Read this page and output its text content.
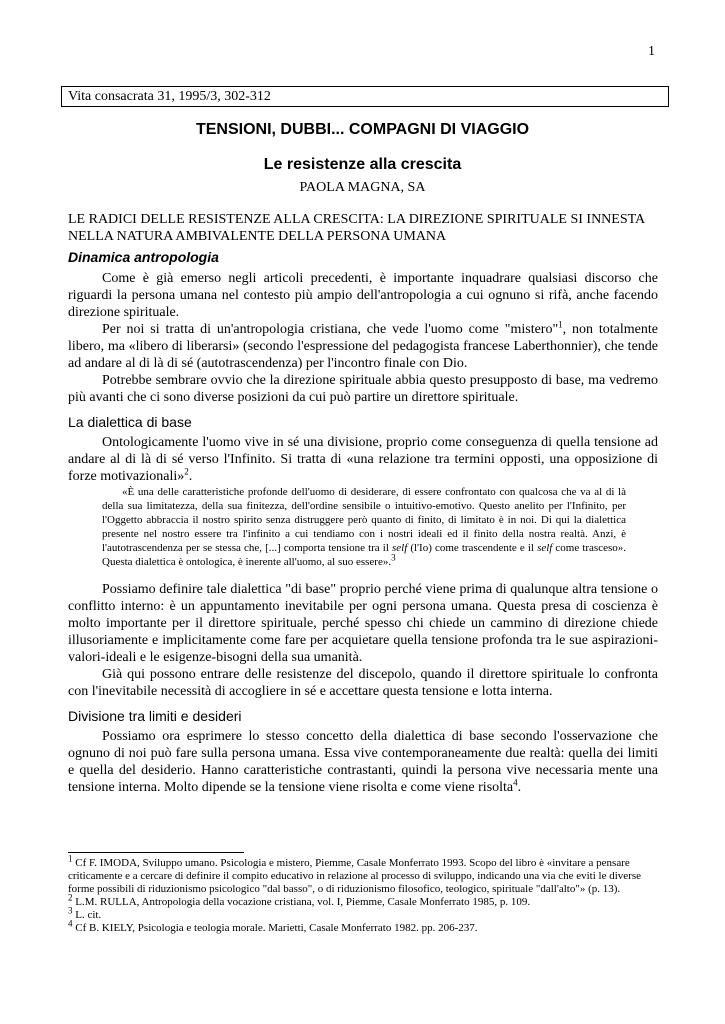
1
Vita consacrata 31, 1995/3, 302-312
TENSIONI, DUBBI... COMPAGNI DI VIAGGIO
Le resistenze alla crescita
PAOLA MAGNA, SA
LE RADICI DELLE RESISTENZE ALLA CRESCITA: LA DIREZIONE SPIRITUALE SI INNESTA NELLA NATURA AMBIVALENTE DELLA PERSONA UMANA
Dinamica antropologia

Come è già emerso negli articoli precedenti, è importante inquadrare qualsiasi discorso che riguardi la persona umana nel contesto più ampio dell'antropologia a cui ognuno si rifà, anche facendo direzione spirituale.

Per noi si tratta di un'antropologia cristiana, che vede l'uomo come "mistero"$^1$, non totalmente libero, ma «libero di liberarsi» (secondo l'espressione del pedagogista francese Laberthonnier), che tende ad andare al di là di sé (autotrascendenza) per l'incontro finale con Dio.

Potrebbe sembrare ovvio che la direzione spirituale abbia questo presupposto di base, ma vedremo più avanti che ci sono diverse posizioni da cui può partire un direttore spirituale.

La dialettica di base

Ontologicamente l'uomo vive in sé una divisione, proprio come conseguenza di quella tensione ad andare al di là di sé verso l'Infinito. Si tratta di «una relazione tra termini opposti, una opposizione di forze motivazionali»$^2$.

«È una delle caratteristiche profonde dell'uomo di desiderare, di essere confrontato con qualcosa che va al di là della sua limitatezza, della sua finitezza, dell'ordine sensibile o intuitivo-emotivo. Questo anelito per l'Infinito, per l'Oggetto abbraccia il nostro spirito senza distruggere però quanto di finito, di limitato è in noi. Di qui la dialettica presente nel nostro essere tra l'infinito a cui tendiamo con i nostri ideali ed il finito della nostra realtà. Anzi, è l'autotrascendenza per se stessa che, [...] comporta tensione tra il self (l'Io) come trascendente e il self come trasceso». Questa dialettica è ontologica, è inerente all'uomo, al suo essere».$^3$

Possiamo definire tale dialettica "di base" proprio perché viene prima di qualunque altra tensione o conflitto interno: è un appuntamento inevitabile per ogni persona umana. Questa presa di coscienza è molto importante per il direttore spirituale, perché spesso chi chiede un cammino di direzione chiede illusoriamente e implicitamente come fare per acquietare quella tensione profonda tra le sue aspirazioni-valori-ideali e le esigenze-bisogni della sua umanità.

Già qui possono entrare delle resistenze del discepolo, quando il direttore spirituale lo confronta con l'inevitabile necessità di accogliere in sé e accettare questa tensione e lotta interna.

Divisione tra limiti e desideri

Possiamo ora esprimere lo stesso concetto della dialettica di base secondo l'osservazione che ognuno di noi può fare sulla persona umana. Essa vive contemporaneamente due realtà: quella dei limiti e quella del desiderio. Hanno caratteristiche contrastanti, quindi la persona vive necessaria mente una tensione interna. Molto dipende se la tensione viene risolta e come viene risolta$^4$.

$^1$ Cf F. IMODA, Sviluppo umano. Psicologia e mistero, Piemme, Casale Monferrato 1993. Scopo del libro è «invitare a pensare criticamente e a cercare di definire il compito educativo in relazione al processo di sviluppo, indicando una via che eviti le diverse forme possibili di riduzionismo psicologico "dal basso", o di riduzionismo filosofico, teologico, spirituale "dall'alto"» (p. 13).
$^2$ L.M. RULLA, Antropologia della vocazione cristiana, vol. I, Piemme, Casale Monferrato 1985, p. 109.
$^3$ L. cit.
$^4$ Cf B. KIELY, Psicologia e teologia morale. Marietti, Casale Monferrato 1982. pp. 206-237.
